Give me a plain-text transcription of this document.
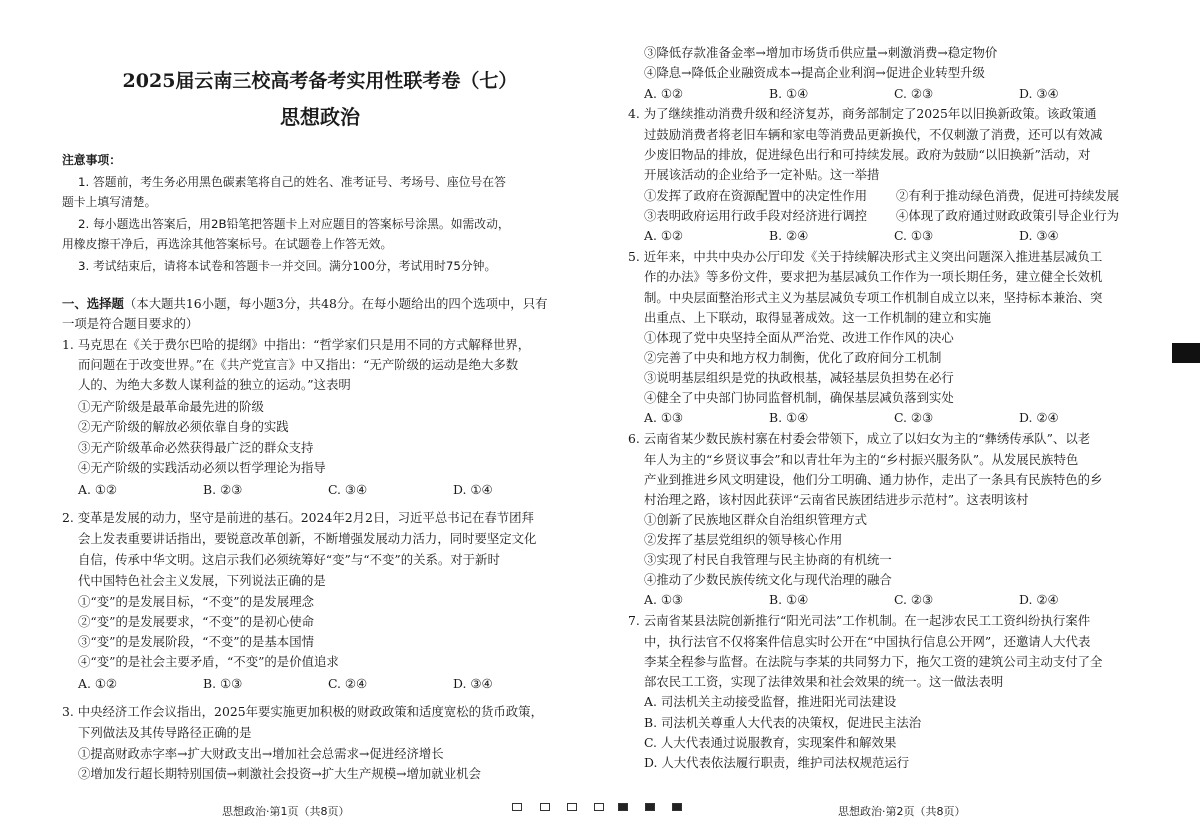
2025届云南三校高考备考实用性联考卷（七）
思想政治
注意事项：
1. 答题前，考生务必用黑色碳素笔将自己的姓名、准考证号、考场号、座位号在答
题卡上填写清楚。
2. 每小题选出答案后，用2B铅笔把答题卡上对应题目的答案标号涂黑。如需改动，
用橡皮擦干净后，再选涂其他答案标号。在试题卷上作答无效。
3. 考试结束后，请将本试卷和答题卡一并交回。满分100分，考试用时75分钟。
一、选择题（本大题共16小题，每小题3分，共48分。在每小题给出的四个选项中，只有
一项是符合题目要求的）
1. 马克思在《关于费尔巴哈的提纲》中指出：“哲学家们只是用不同的方式解释世界，
而问题在于改变世界。”在《共产党宣言》中又指出：“无产阶级的运动是绝大多数
人的、为绝大多数人谋利益的独立的运动。”这表明
①无产阶级是最革命最先进的阶级
②无产阶级的解放必须依靠自身的实践
③无产阶级革命必然获得最广泛的群众支持
④无产阶级的实践活动必须以哲学理论为指导
A. ①②	B. ②③	C. ③④	D. ①④
2. 变革是发展的动力，坚守是前进的基石。2024年2月2日，习近平总书记在春节团拜
会上发表重要讲话指出，要锐意改革创新，不断增强发展动力活力，同时要坚定文化
自信，传承中华文明。这启示我们必须统筹好“变”与“不变”的关系。对于新时
代中国特色社会主义发展，下列说法正确的是
①“变”的是发展目标，“不变”的是发展理念
②“变”的是发展要求，“不变”的是初心使命
③“变”的是发展阶段，“不变”的是基本国情
④“变”的是社会主要矛盾，“不变”的是价值追求
A. ①②	B. ①③	C. ②④	D. ③④
3. 中央经济工作会议指出，2025年要实施更加积极的财政政策和适度宽松的货币政策，
下列做法及其传导路径正确的是
①提高财政赤字率→扩大财政支出→增加社会总需求→促进经济增长
②增加发行超长期特别国债→刺激社会投资→扩大生产规模→增加就业机会
③降低存款准备金率→增加市场货币供应量→刺激消费→稳定物价
④降息→降低企业融资成本→提高企业利润→促进企业转型升级
A. ①②	B. ①④	C. ②③	D. ③④
4. 为了继续推动消费升级和经济复苏，商务部制定了2025年以旧换新政策。该政策通
过鼓励消费者将老旧车辆和家电等消费品更新换代，不仅刺激了消费，还可以有效减
少废旧物品的排放，促进绿色出行和可持续发展。政府为鼓励“以旧换新”活动，对
开展该活动的企业给予一定补贴。这一举措
①发挥了政府在资源配置中的决定性作用 ②有利于推动绿色消费，促进可持续发展
③表明政府运用行政手段对经济进行调控 ④体现了政府通过财政政策引导企业行为
A. ①②	B. ②④	C. ①③	D. ③④
5. 近年来，中共中央办公厅印发《关于持续解决形式主义突出问题深入推进基层减负工
作的办法》等多份文件，要求把为基层减负工作作为一项长期任务，建立健全长效机
制。中央层面整治形式主义为基层减负专项工作机制自成立以来，坚持标本兼治、突
出重点、上下联动，取得显著成效。这一工作机制的建立和实施
①体现了党中央坚持全面从严治党、改进工作作风的决心
②完善了中央和地方权力制衡，优化了政府间分工机制
③说明基层组织是党的执政根基，减轻基层负担势在必行
④健全了中央部门协同监督机制，确保基层减负落到实处
A. ①③	B. ①④	C. ②③	D. ②④
6. 云南省某少数民族村寨在村委会带领下，成立了以妇女为主的“彝绣传承队”、以老
年人为主的“乡贤议事会”和以青壮年为主的“乡村振兴服务队”。从发展民族特色
产业到推进乡风文明建设，他们分工明确、通力协作，走出了一条具有民族特色的乡
村治理之路，该村因此获评“云南省民族团结进步示范村”。这表明该村
①创新了民族地区群众自治组织管理方式
②发挥了基层党组织的领导核心作用
③实现了村民自我管理与民主协商的有机统一
④推动了少数民族传统文化与现代治理的融合
A. ①③	B. ①④	C. ②③	D. ②④
7. 云南省某县法院创新推行“阳光司法”工作机制。在一起涉农民工工资纠纷执行案件
中，执行法官不仅将案件信息实时公开在“中国执行信息公开网”，还邀请人大代表
李某全程参与监督。在法院与李某的共同努力下，拖欠工资的建筑公司主动支付了全
部农民工工资，实现了法律效果和社会效果的统一。这一做法表明
A. 司法机关主动接受监督，推进阳光司法建设
B. 司法机关尊重人大代表的决策权，促进民主法治
C. 人大代表通过说服教育，实现案件和解效果
D. 人大代表依法履行职责，维护司法权规范运行
思想政治·第1页（共8页）	思想政治·第2页（共8页）
